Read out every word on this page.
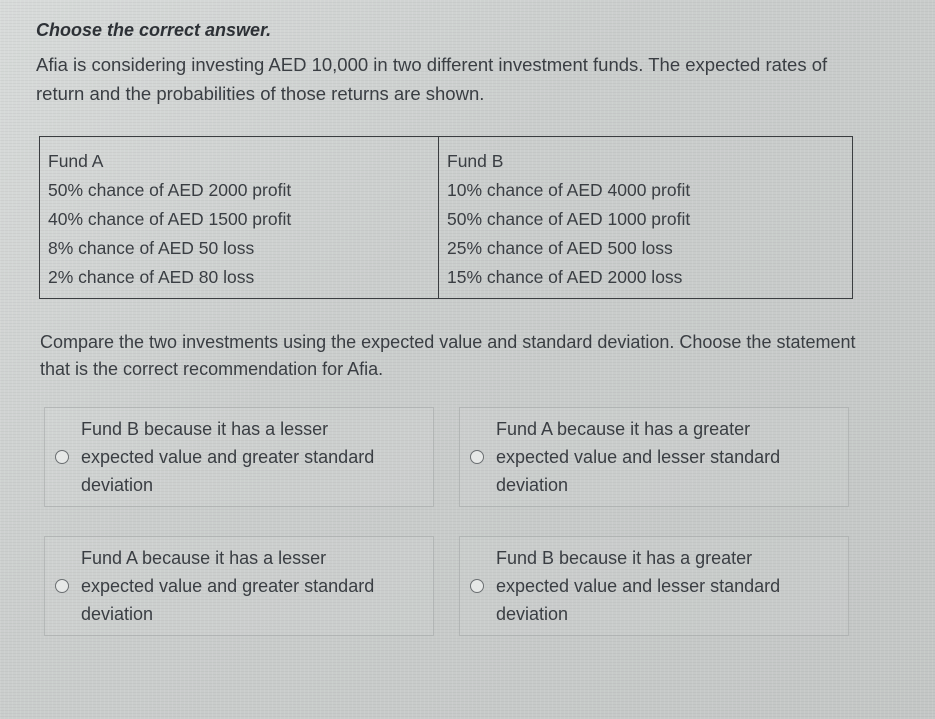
Choose the correct answer.
Afia is considering investing AED 10,000 in two different investment funds. The expected rates of return and the probabilities of those returns are shown.
Fund A
50% chance of AED 2000 profit
40% chance of AED 1500 profit
8% chance of AED 50 loss
2% chance of AED 80 loss
Fund B
10% chance of AED 4000 profit
50% chance of AED 1000 profit
25% chance of AED 500 loss
15% chance of AED 2000 loss
Compare the two investments using the expected value and standard deviation. Choose the statement that is the correct recommendation for Afia.
Fund B because it has a lesser expected value and greater standard deviation
Fund A because it has a greater expected value and lesser standard deviation
Fund A because it has a lesser expected value and greater standard deviation
Fund B because it has a greater expected value and lesser standard deviation
